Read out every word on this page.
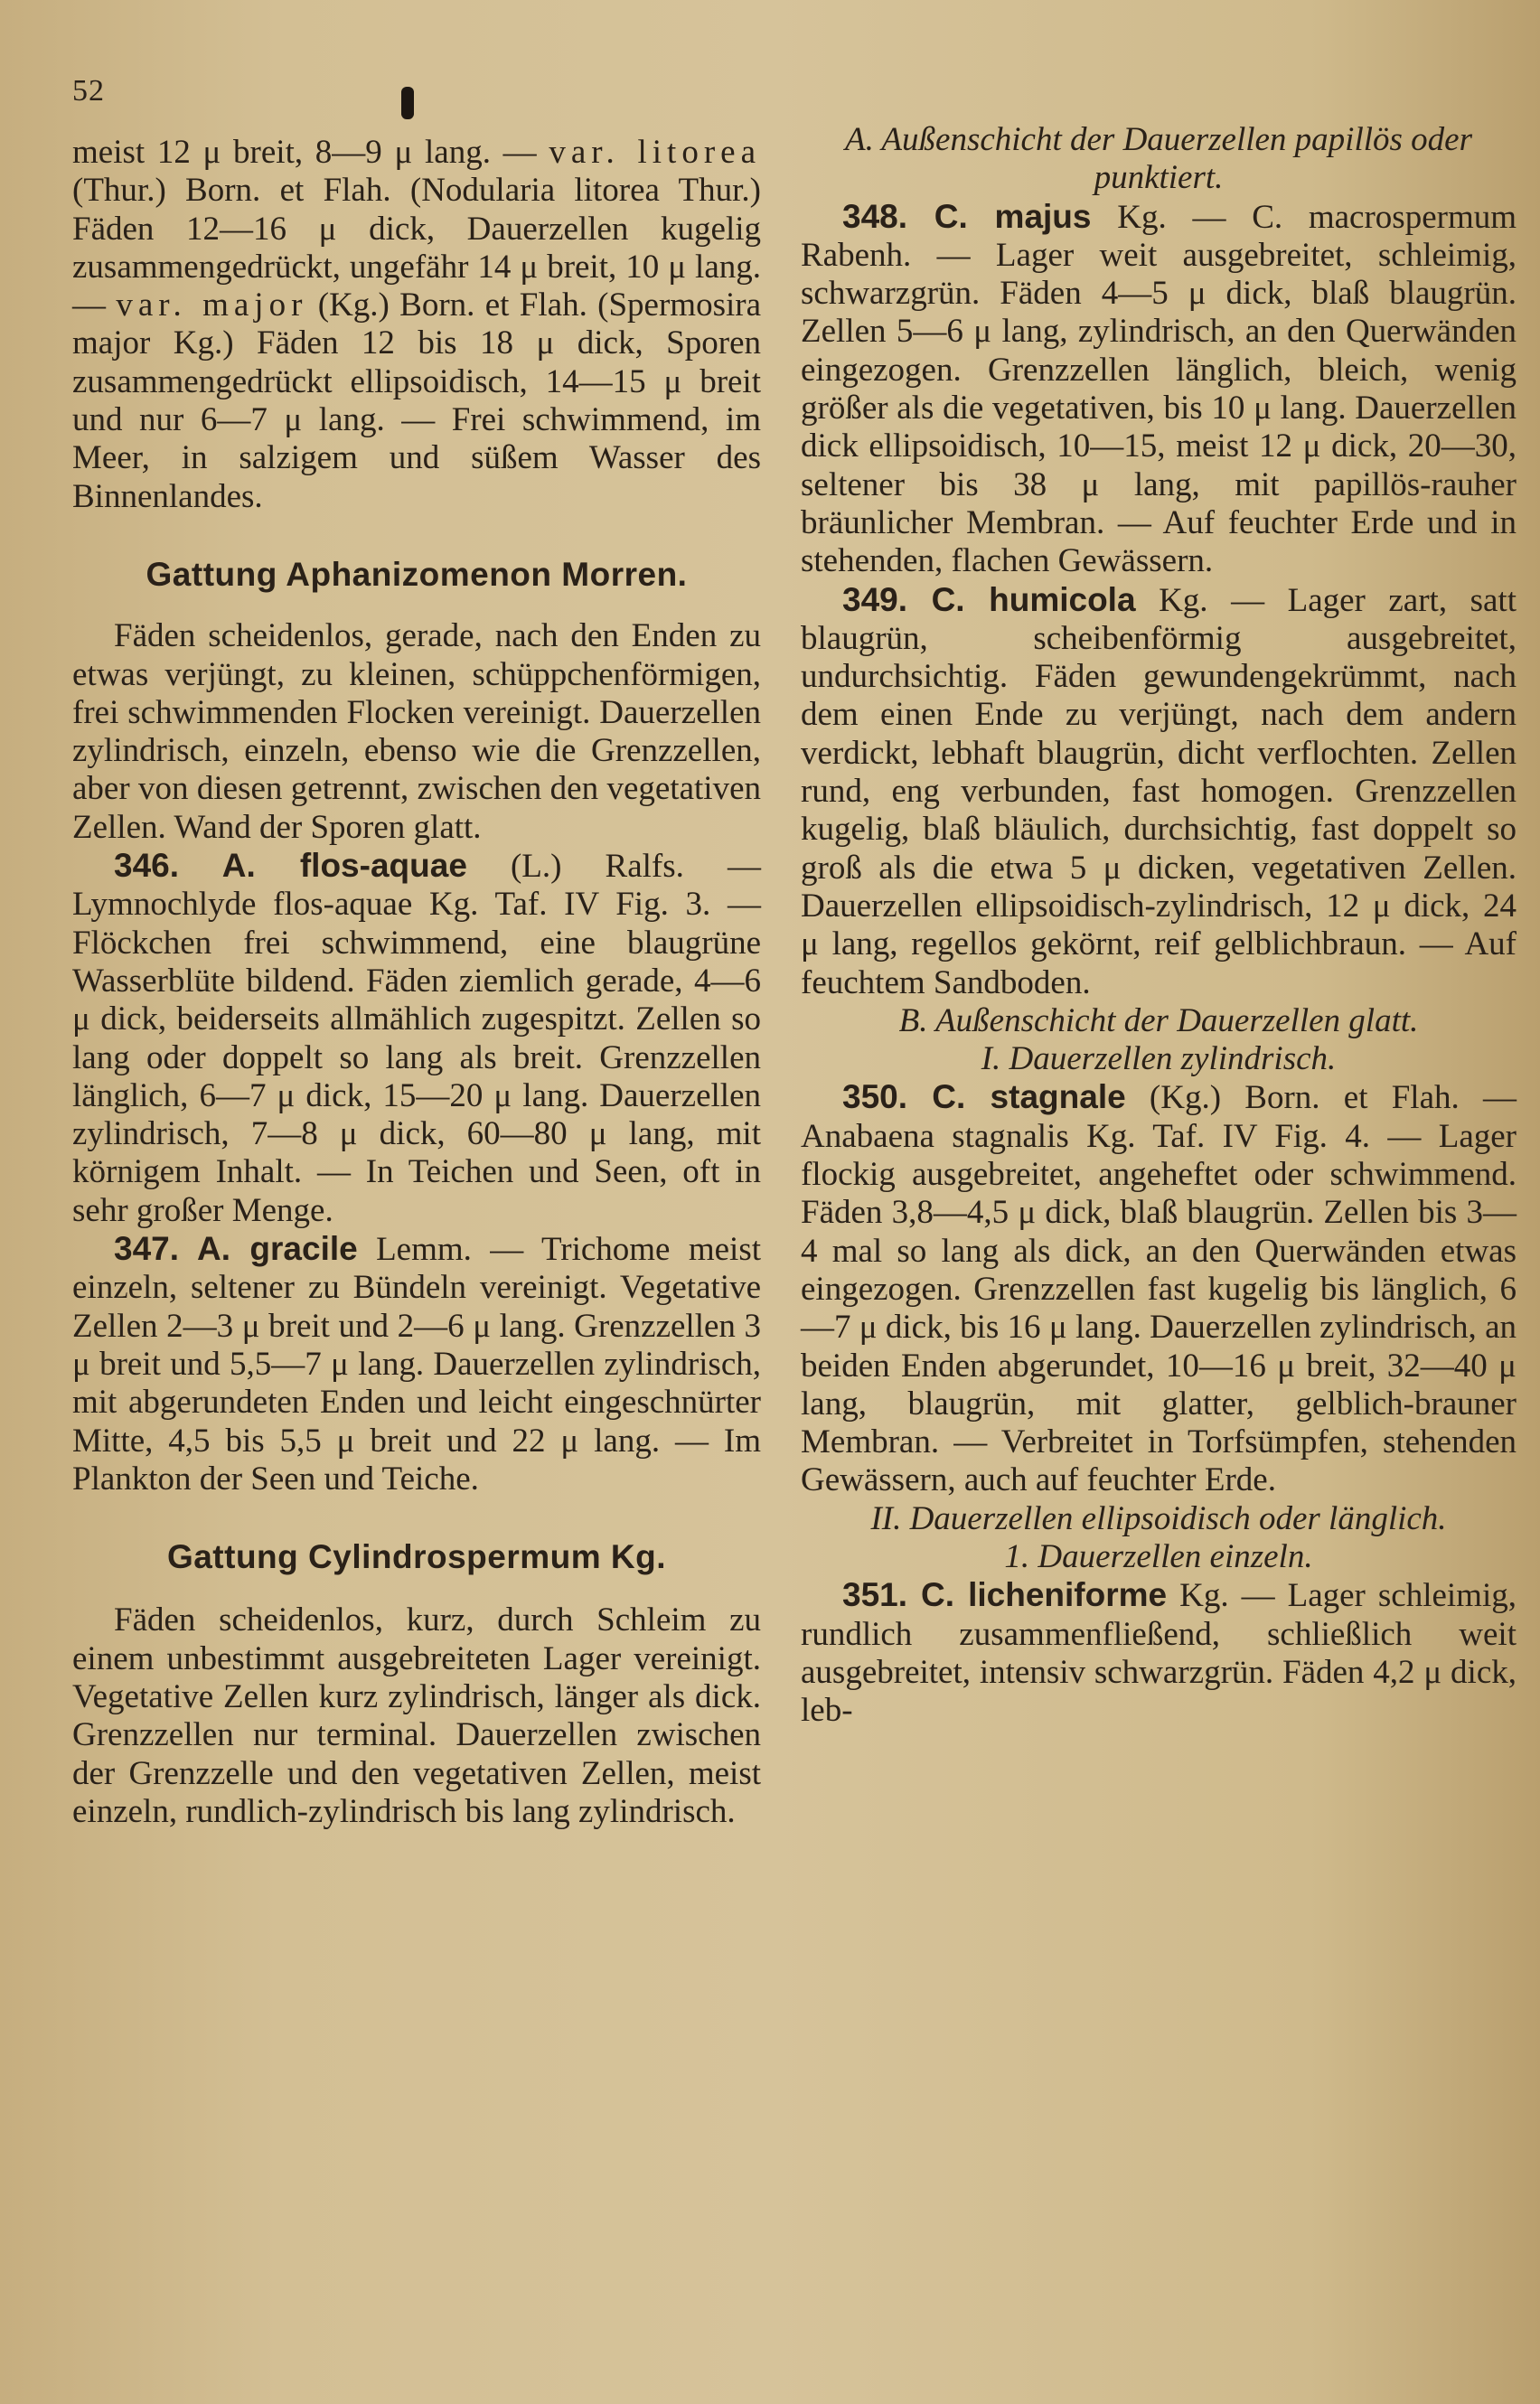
52

meist 12 μ breit, 8—9 μ lang. — var. litorea (Thur.) Born. et Flah. (Nodularia litorea Thur.) Fäden 12—16 μ dick, Dauerzellen kugelig zusammengedrückt, ungefähr 14 μ breit, 10 μ lang. — var. major (Kg.) Born. et Flah. (Spermosira major Kg.) Fäden 12 bis 18 μ dick, Sporen zusammengedrückt ellipsoidisch, 14—15 μ breit und nur 6—7 μ lang. — Frei schwimmend, im Meer, in salzigem und süßem Wasser des Binnenlandes.

Gattung Aphanizomenon Morren.

Fäden scheidenlos, gerade, nach den Enden zu etwas verjüngt, zu kleinen, schüppchenförmigen, frei schwimmenden Flocken vereinigt. Dauerzellen zylindrisch, einzeln, ebenso wie die Grenzzellen, aber von diesen getrennt, zwischen den vegetativen Zellen. Wand der Sporen glatt.

346. A. flos-aquae (L.) Ralfs. — Lymnochlyde flos-aquae Kg. Taf. IV Fig. 3. — Flöckchen frei schwimmend, eine blaugrüne Wasserblüte bildend. Fäden ziemlich gerade, 4—6 μ dick, beiderseits allmählich zugespitzt. Zellen so lang oder doppelt so lang als breit. Grenzzellen länglich, 6—7 μ dick, 15—20 μ lang. Dauerzellen zylindrisch, 7—8 μ dick, 60—80 μ lang, mit körnigem Inhalt. — In Teichen und Seen, oft in sehr großer Menge.

347. A. gracile Lemm. — Trichome meist einzeln, seltener zu Bündeln vereinigt. Vegetative Zellen 2—3 μ breit und 2—6 μ lang. Grenzzellen 3 μ breit und 5,5—7 μ lang. Dauerzellen zylindrisch, mit abgerundeten Enden und leicht eingeschnürter Mitte, 4,5 bis 5,5 μ breit und 22 μ lang. — Im Plankton der Seen und Teiche.

Gattung Cylindrospermum Kg.

Fäden scheidenlos, kurz, durch Schleim zu einem unbestimmt ausgebreiteten Lager vereinigt. Vegetative Zellen kurz zylindrisch, länger als dick. Grenzzellen nur terminal. Dauerzellen zwischen der Grenzzelle und den vegetativen Zellen, meist einzeln, rundlich-zylindrisch bis lang zylindrisch.

A. Außenschicht der Dauerzellen papillös oder punktiert.

348. C. majus Kg. — C. macrospermum Rabenh. — Lager weit ausgebreitet, schleimig, schwarzgrün. Fäden 4—5 μ dick, blaß blaugrün. Zellen 5—6 μ lang, zylindrisch, an den Querwänden eingezogen. Grenzzellen länglich, bleich, wenig größer als die vegetativen, bis 10 μ lang. Dauerzellen dick ellipsoidisch, 10—15, meist 12 μ dick, 20—30, seltener bis 38 μ lang, mit papillös-rauher bräunlicher Membran. — Auf feuchter Erde und in stehenden, flachen Gewässern.

349. C. humicola Kg. — Lager zart, satt blaugrün, scheibenförmig ausgebreitet, undurchsichtig. Fäden gewundengekrümmt, nach dem einen Ende zu verjüngt, nach dem andern verdickt, lebhaft blaugrün, dicht verflochten. Zellen rund, eng verbunden, fast homogen. Grenzzellen kugelig, blaß bläulich, durchsichtig, fast doppelt so groß als die etwa 5 μ dicken, vegetativen Zellen. Dauerzellen ellipsoidisch-zylindrisch, 12 μ dick, 24 μ lang, regellos gekörnt, reif gelblichbraun. — Auf feuchtem Sandboden.

B. Außenschicht der Dauerzellen glatt.

I. Dauerzellen zylindrisch.

350. C. stagnale (Kg.) Born. et Flah. — Anabaena stagnalis Kg. Taf. IV Fig. 4. — Lager flockig ausgebreitet, angeheftet oder schwimmend. Fäden 3,8—4,5 μ dick, blaß blaugrün. Zellen bis 3—4 mal so lang als dick, an den Querwänden etwas eingezogen. Grenzzellen fast kugelig bis länglich, 6—7 μ dick, bis 16 μ lang. Dauerzellen zylindrisch, an beiden Enden abgerundet, 10—16 μ breit, 32—40 μ lang, blaugrün, mit glatter, gelblich-brauner Membran. — Verbreitet in Torfsümpfen, stehenden Gewässern, auch auf feuchter Erde.

II. Dauerzellen ellipsoidisch oder länglich.

1. Dauerzellen einzeln.

351. C. licheniforme Kg. — Lager schleimig, rundlich zusammenfließend, schließlich weit ausgebreitet, intensiv schwarzgrün. Fäden 4,2 μ dick, leb-
